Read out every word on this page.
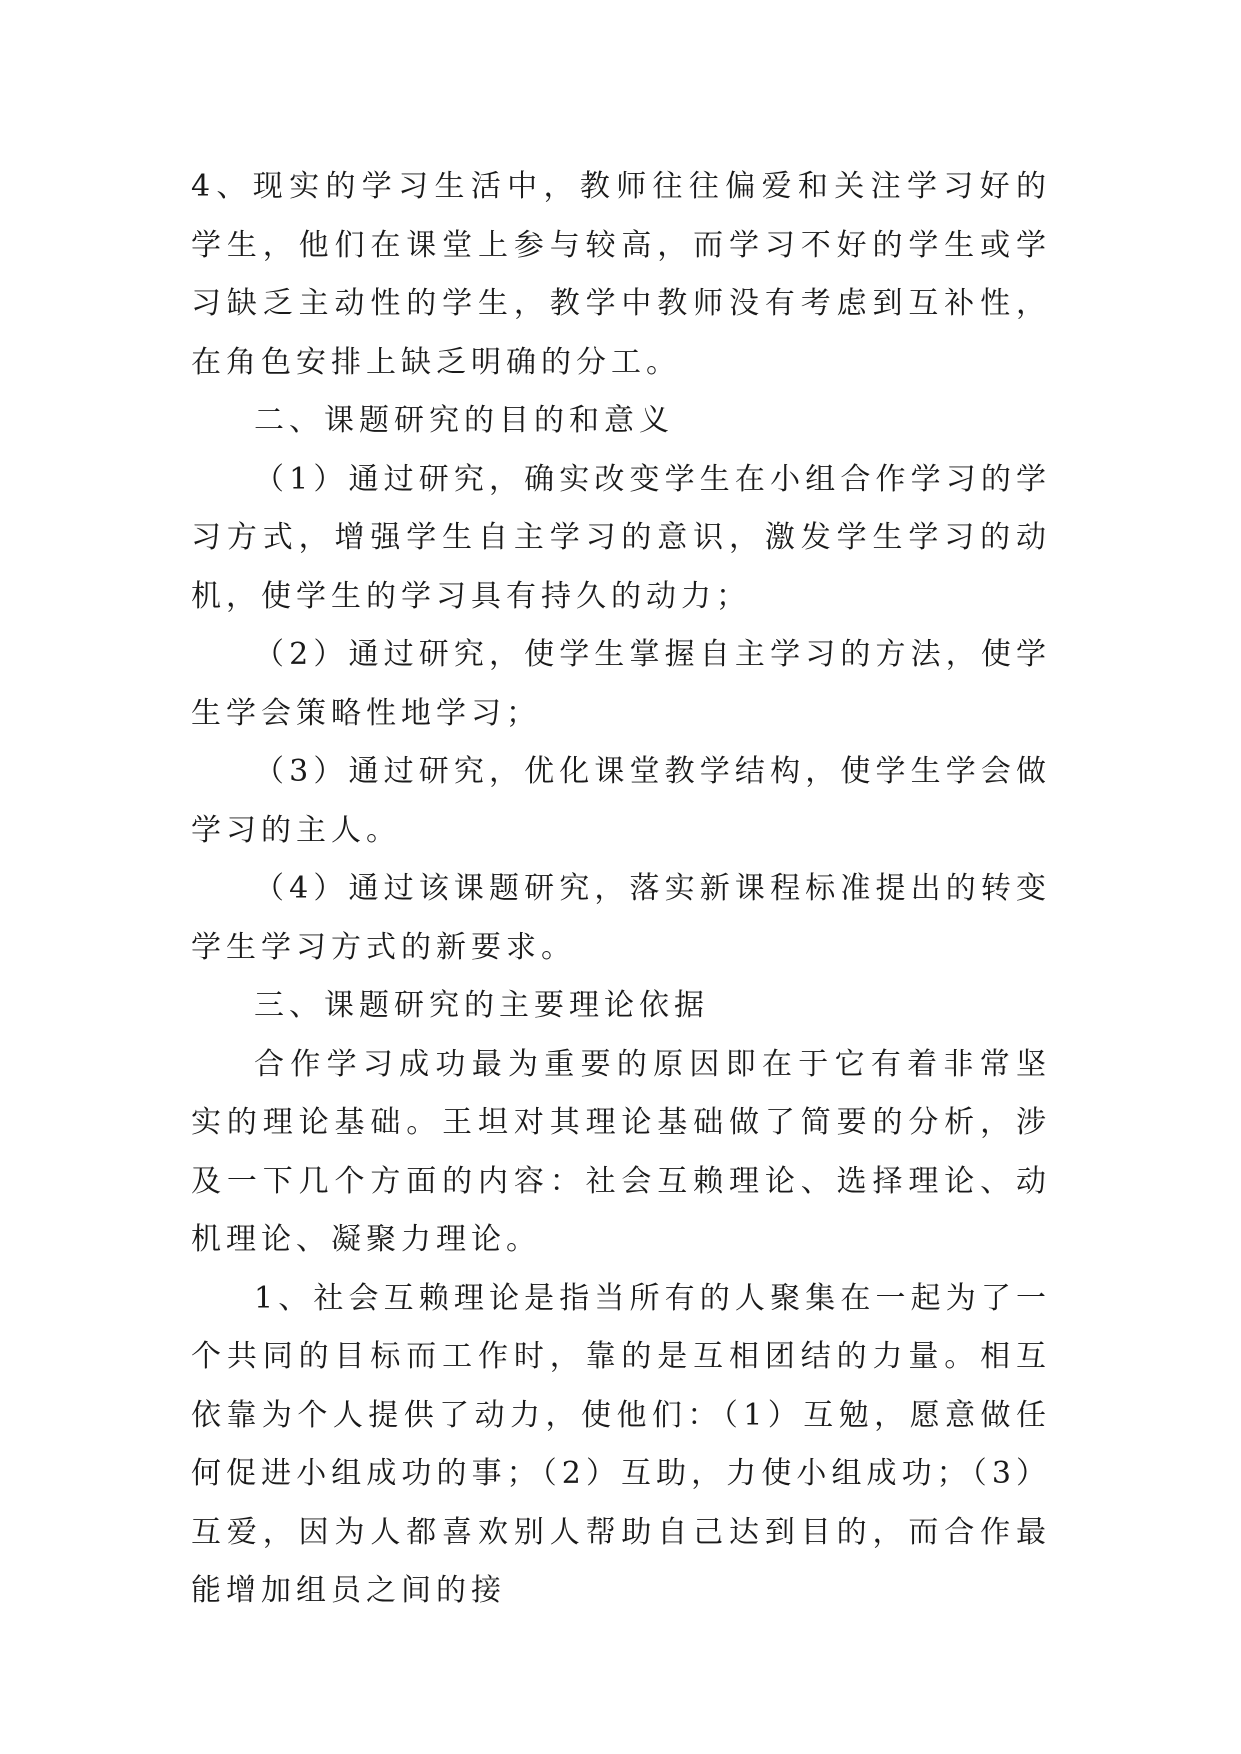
4、现实的学习生活中，教师往往偏爱和关注学习好的学生，他们在课堂上参与较高，而学习不好的学生或学习缺乏主动性的学生，教学中教师没有考虑到互补性，在角色安排上缺乏明确的分工。

二、课题研究的目的和意义

（1）通过研究，确实改变学生在小组合作学习的学习方式，增强学生自主学习的意识，激发学生学习的动机，使学生的学习具有持久的动力；

（2）通过研究，使学生掌握自主学习的方法，使学生学会策略性地学习；

（3）通过研究，优化课堂教学结构，使学生学会做学习的主人。

（4）通过该课题研究，落实新课程标准提出的转变学生学习方式的新要求。

三、课题研究的主要理论依据

合作学习成功最为重要的原因即在于它有着非常坚实的理论基础。王坦对其理论基础做了简要的分析，涉及一下几个方面的内容：社会互赖理论、选择理论、动机理论、凝聚力理论。

1、社会互赖理论是指当所有的人聚集在一起为了一个共同的目标而工作时，靠的是互相团结的力量。相互依靠为个人提供了动力，使他们：（1）互勉，愿意做任何促进小组成功的事；（2）互助，力使小组成功；（3）互爱，因为人都喜欢别人帮助自己达到目的，而合作最能增加组员之间的接
